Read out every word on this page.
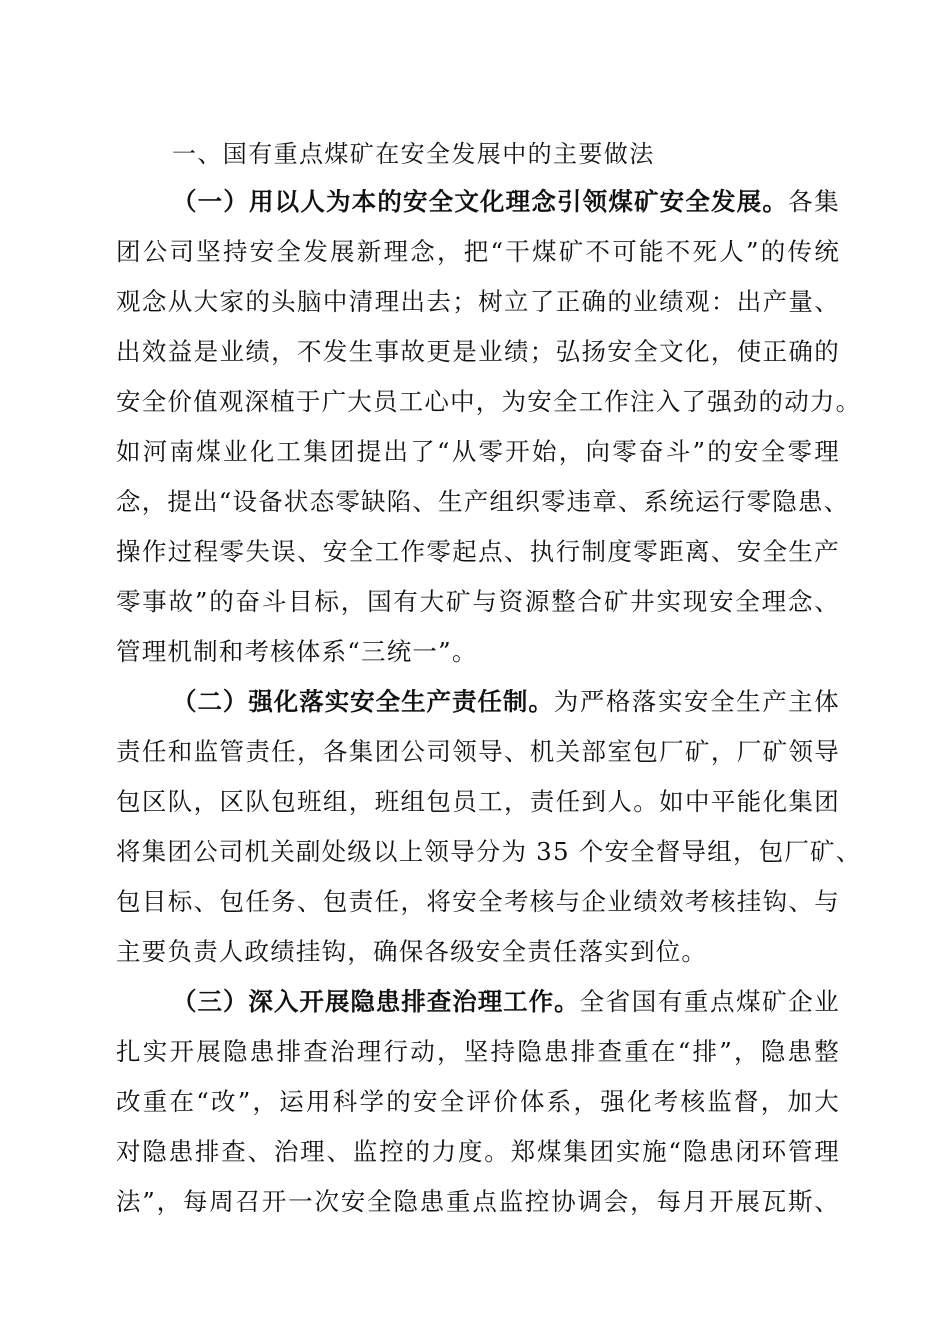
一、国有重点煤矿在安全发展中的主要做法
（一）用以人为本的安全文化理念引领煤矿安全发展。各集
团公司坚持安全发展新理念，把“干煤矿不可能不死人”的传统
观念从大家的头脑中清理出去；树立了正确的业绩观：出产量、
出效益是业绩，不发生事故更是业绩；弘扬安全文化，使正确的
安全价值观深植于广大员工心中，为安全工作注入了强劲的动力。
如河南煤业化工集团提出了“从零开始，向零奋斗”的安全零理
念，提出“设备状态零缺陷、生产组织零违章、系统运行零隐患、
操作过程零失误、安全工作零起点、执行制度零距离、安全生产
零事故”的奋斗目标，国有大矿与资源整合矿井实现安全理念、
管理机制和考核体系“三统一”。
（二）强化落实安全生产责任制。为严格落实安全生产主体
责任和监管责任，各集团公司领导、机关部室包厂矿，厂矿领导
包区队，区队包班组，班组包员工，责任到人。如中平能化集团
将集团公司机关副处级以上领导分为 35 个安全督导组，包厂矿、
包目标、包任务、包责任，将安全考核与企业绩效考核挂钩、与
主要负责人政绩挂钩，确保各级安全责任落实到位。
（三）深入开展隐患排查治理工作。全省国有重点煤矿企业
扎实开展隐患排查治理行动，坚持隐患排查重在“排”，隐患整
改重在“改”，运用科学的安全评价体系，强化考核监督，加大
对隐患排查、治理、监控的力度。郑煤集团实施“隐患闭环管理
法”，每周召开一次安全隐患重点监控协调会，每月开展瓦斯、
